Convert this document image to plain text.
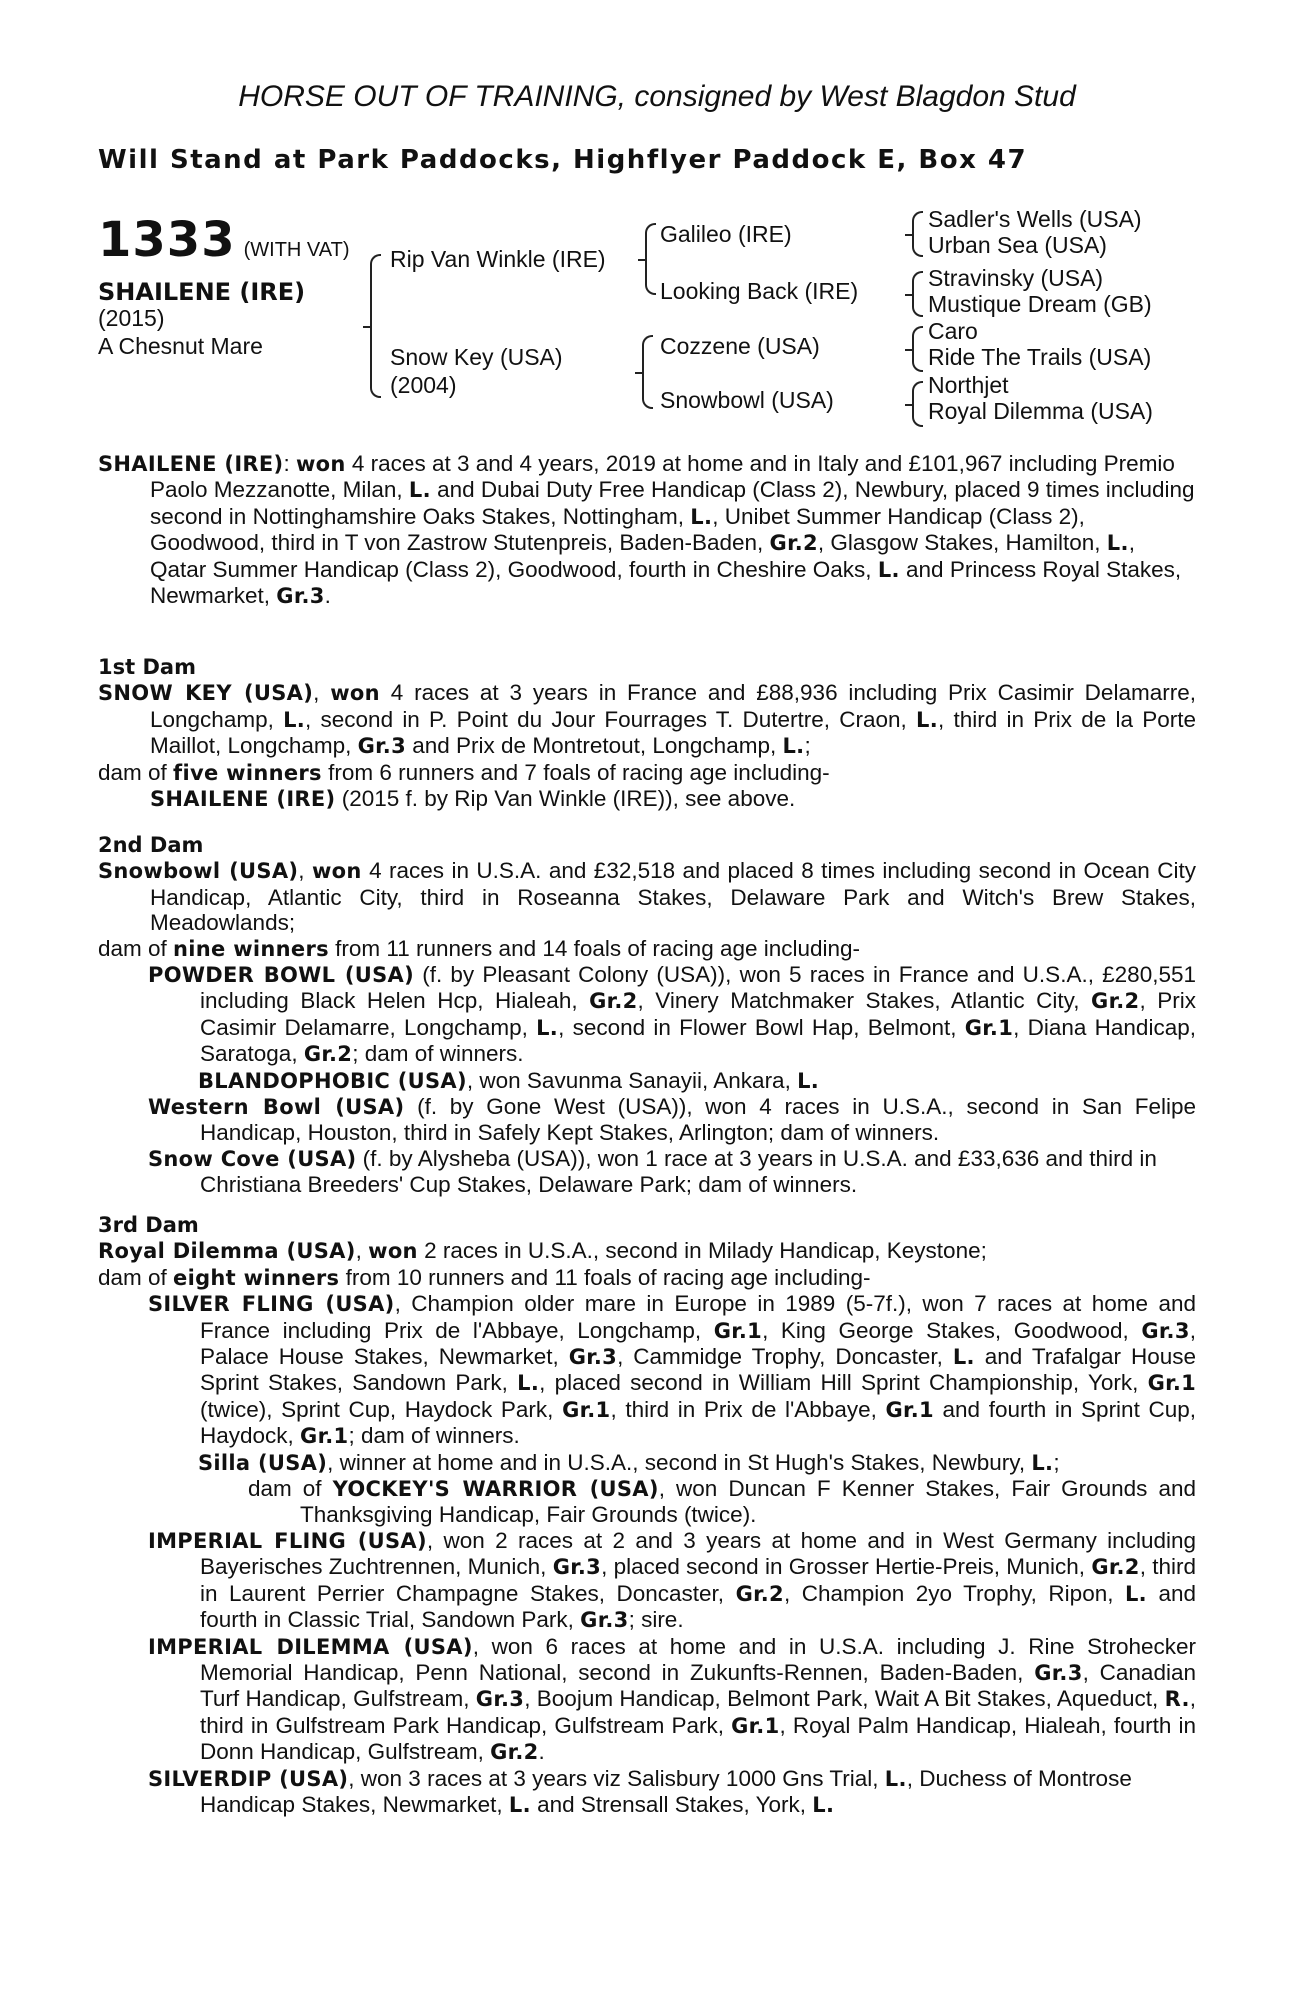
HORSE OUT OF TRAINING, consigned by West Blagdon Stud
Will Stand at Park Paddocks, Highflyer Paddock E, Box 47
1333 (WITH VAT)
SHAILENE (IRE)
(2015)
A Chesnut Mare
Rip Van Winkle (IRE)
Snow Key (USA)
(2004)
Galileo (IRE)
Looking Back (IRE)
Cozzene (USA)
Snowbowl (USA)
Sadler's Wells (USA)
Urban Sea (USA)
Stravinsky (USA)
Mustique Dream (GB)
Caro
Ride The Trails (USA)
Northjet
Royal Dilemma (USA)
SHAILENE (IRE): won 4 races at 3 and 4 years, 2019 at home and in Italy and £101,967 including Premio Paolo Mezzanotte, Milan, L. and Dubai Duty Free Handicap (Class 2), Newbury, placed 9 times including second in Nottinghamshire Oaks Stakes, Nottingham, L., Unibet Summer Handicap (Class 2), Goodwood, third in T von Zastrow Stutenpreis, Baden-Baden, Gr.2, Glasgow Stakes, Hamilton, L., Qatar Summer Handicap (Class 2), Goodwood, fourth in Cheshire Oaks, L. and Princess Royal Stakes, Newmarket, Gr.3.
1st Dam
SNOW KEY (USA), won 4 races at 3 years in France and £88,936 including Prix Casimir Delamarre, Longchamp, L., second in P. Point du Jour Fourrages T. Dutertre, Craon, L., third in Prix de la Porte Maillot, Longchamp, Gr.3 and Prix de Montretout, Longchamp, L.;
dam of five winners from 6 runners and 7 foals of racing age including-
SHAILENE (IRE) (2015 f. by Rip Van Winkle (IRE)), see above.
2nd Dam
Snowbowl (USA), won 4 races in U.S.A. and £32,518 and placed 8 times including second in Ocean City Handicap, Atlantic City, third in Roseanna Stakes, Delaware Park and Witch's Brew Stakes, Meadowlands;
dam of nine winners from 11 runners and 14 foals of racing age including-
POWDER BOWL (USA) (f. by Pleasant Colony (USA)), won 5 races in France and U.S.A., £280,551 including Black Helen Hcp, Hialeah, Gr.2, Vinery Matchmaker Stakes, Atlantic City, Gr.2, Prix Casimir Delamarre, Longchamp, L., second in Flower Bowl Hap, Belmont, Gr.1, Diana Handicap, Saratoga, Gr.2; dam of winners.
BLANDOPHOBIC (USA), won Savunma Sanayii, Ankara, L.
Western Bowl (USA) (f. by Gone West (USA)), won 4 races in U.S.A., second in San Felipe Handicap, Houston, third in Safely Kept Stakes, Arlington; dam of winners.
Snow Cove (USA) (f. by Alysheba (USA)), won 1 race at 3 years in U.S.A. and £33,636 and third in Christiana Breeders' Cup Stakes, Delaware Park; dam of winners.
3rd Dam
Royal Dilemma (USA), won 2 races in U.S.A., second in Milady Handicap, Keystone;
dam of eight winners from 10 runners and 11 foals of racing age including-
SILVER FLING (USA), Champion older mare in Europe in 1989 (5-7f.), won 7 races at home and France including Prix de l'Abbaye, Longchamp, Gr.1, King George Stakes, Goodwood, Gr.3, Palace House Stakes, Newmarket, Gr.3, Cammidge Trophy, Doncaster, L. and Trafalgar House Sprint Stakes, Sandown Park, L., placed second in William Hill Sprint Championship, York, Gr.1 (twice), Sprint Cup, Haydock Park, Gr.1, third in Prix de l'Abbaye, Gr.1 and fourth in Sprint Cup, Haydock, Gr.1; dam of winners.
Silla (USA), winner at home and in U.S.A., second in St Hugh's Stakes, Newbury, L.;
dam of YOCKEY'S WARRIOR (USA), won Duncan F Kenner Stakes, Fair Grounds and Thanksgiving Handicap, Fair Grounds (twice).
IMPERIAL FLING (USA), won 2 races at 2 and 3 years at home and in West Germany including Bayerisches Zuchtrennen, Munich, Gr.3, placed second in Grosser Hertie-Preis, Munich, Gr.2, third in Laurent Perrier Champagne Stakes, Doncaster, Gr.2, Champion 2yo Trophy, Ripon, L. and fourth in Classic Trial, Sandown Park, Gr.3; sire.
IMPERIAL DILEMMA (USA), won 6 races at home and in U.S.A. including J. Rine Strohecker Memorial Handicap, Penn National, second in Zukunfts-Rennen, Baden-Baden, Gr.3, Canadian Turf Handicap, Gulfstream, Gr.3, Boojum Handicap, Belmont Park, Wait A Bit Stakes, Aqueduct, R., third in Gulfstream Park Handicap, Gulfstream Park, Gr.1, Royal Palm Handicap, Hialeah, fourth in Donn Handicap, Gulfstream, Gr.2.
SILVERDIP (USA), won 3 races at 3 years viz Salisbury 1000 Gns Trial, L., Duchess of Montrose Handicap Stakes, Newmarket, L. and Strensall Stakes, York, L.
